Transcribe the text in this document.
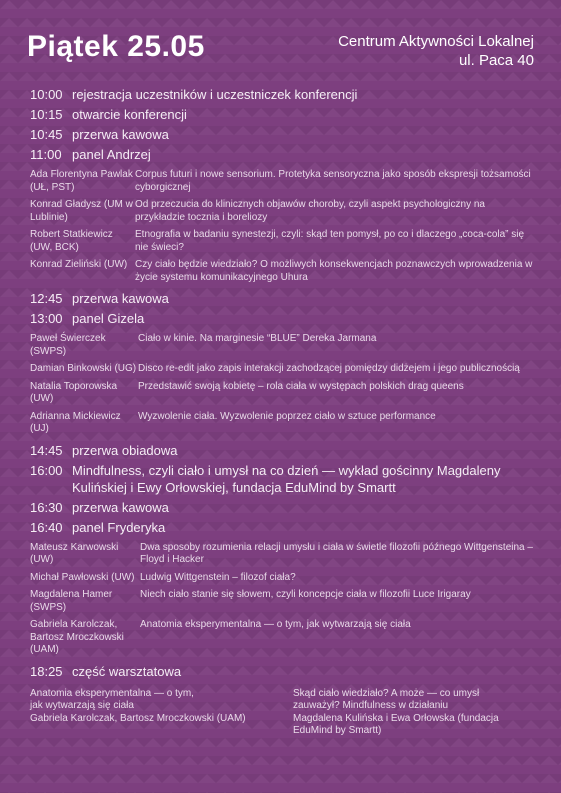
Piątek 25.05	Centrum Aktywności Lokalnej
ul. Paca 40
10:00 rejestracja uczestników i uczestniczek konferencji
10:15 otwarcie konferencji
10:45 przerwa kawowa
11:00 panel Andrzej
Ada Florentyna Pawlak (UŁ, PST)
Corpus futuri i nowe sensorium. Protetyka sensoryczna jako sposób ekspresji tożsamości cyborgicznej
Konrad Gładysz (UM w Lublinie)
Od przeczucia do klinicznych objawów choroby, czyli aspekt psychologiczny na przykładzie tocznia i boreliozy
Robert Statkiewicz (UW, BCK)
Etnografia w badaniu synestezji, czyli: skąd ten pomysł, po co i dlaczego „coca-cola” się nie świeci?
Konrad Zieliński (UW) Czy ciało będzie wiedziało? O możliwych konsekwencjach poznawczych wprowadzenia w życie systemu komunikacyjnego Uhura
12:45 przerwa kawowa
13:00 panel Gizela
Paweł Świerczek (SWPS)
Ciało w kinie. Na marginesie “BLUE” Dereka Jarmana
Damian Binkowski (UG) Disco re-edit jako zapis interakcji zachodzącej pomiędzy didżejem i jego publicznością
Natalia Toporowska (UW)
Przedstawić swoją kobietę – rola ciała w występach polskich drag queens
Adrianna Mickiewicz (UJ)
Wyzwolenie ciała. Wyzwolenie poprzez ciało w sztuce performance
14:45 przerwa obiadowa
16:00 Mindfulness, czyli ciało i umysł na co dzień — wykład gościnny Magdaleny Kulińskiej i Ewy Orłowskiej, fundacja EduMind by Smartt
16:30 przerwa kawowa
16:40 panel Fryderyka
Mateusz Karwowski (UW)
Dwa sposoby rozumienia relacji umysłu i ciała w świetle filozofii późnego Wittgensteina – Floyd i Hacker
Michał Pawłowski (UW) Ludwig Wittgenstein – filozof ciała?
Magdalena Hamer (SWPS)
Niech ciało stanie się słowem, czyli koncepcje ciała w filozofii Luce Irigaray
Gabriela Karolczak, Bartosz Mroczkowski (UAM)
Anatomia eksperymentalna — o tym, jak wytwarzają się ciała
18:25 część warsztatowa
Anatomia eksperymentalna — o tym,
jak wytwarzają się ciała
Gabriela Karolczak, Bartosz Mroczkowski (UAM)
Skąd ciało wiedziało? A może — co umysł
zauważył? Mindfulness w działaniu
Magdalena Kulińska i Ewa Orłowska (fundacja
EduMind by Smartt)
